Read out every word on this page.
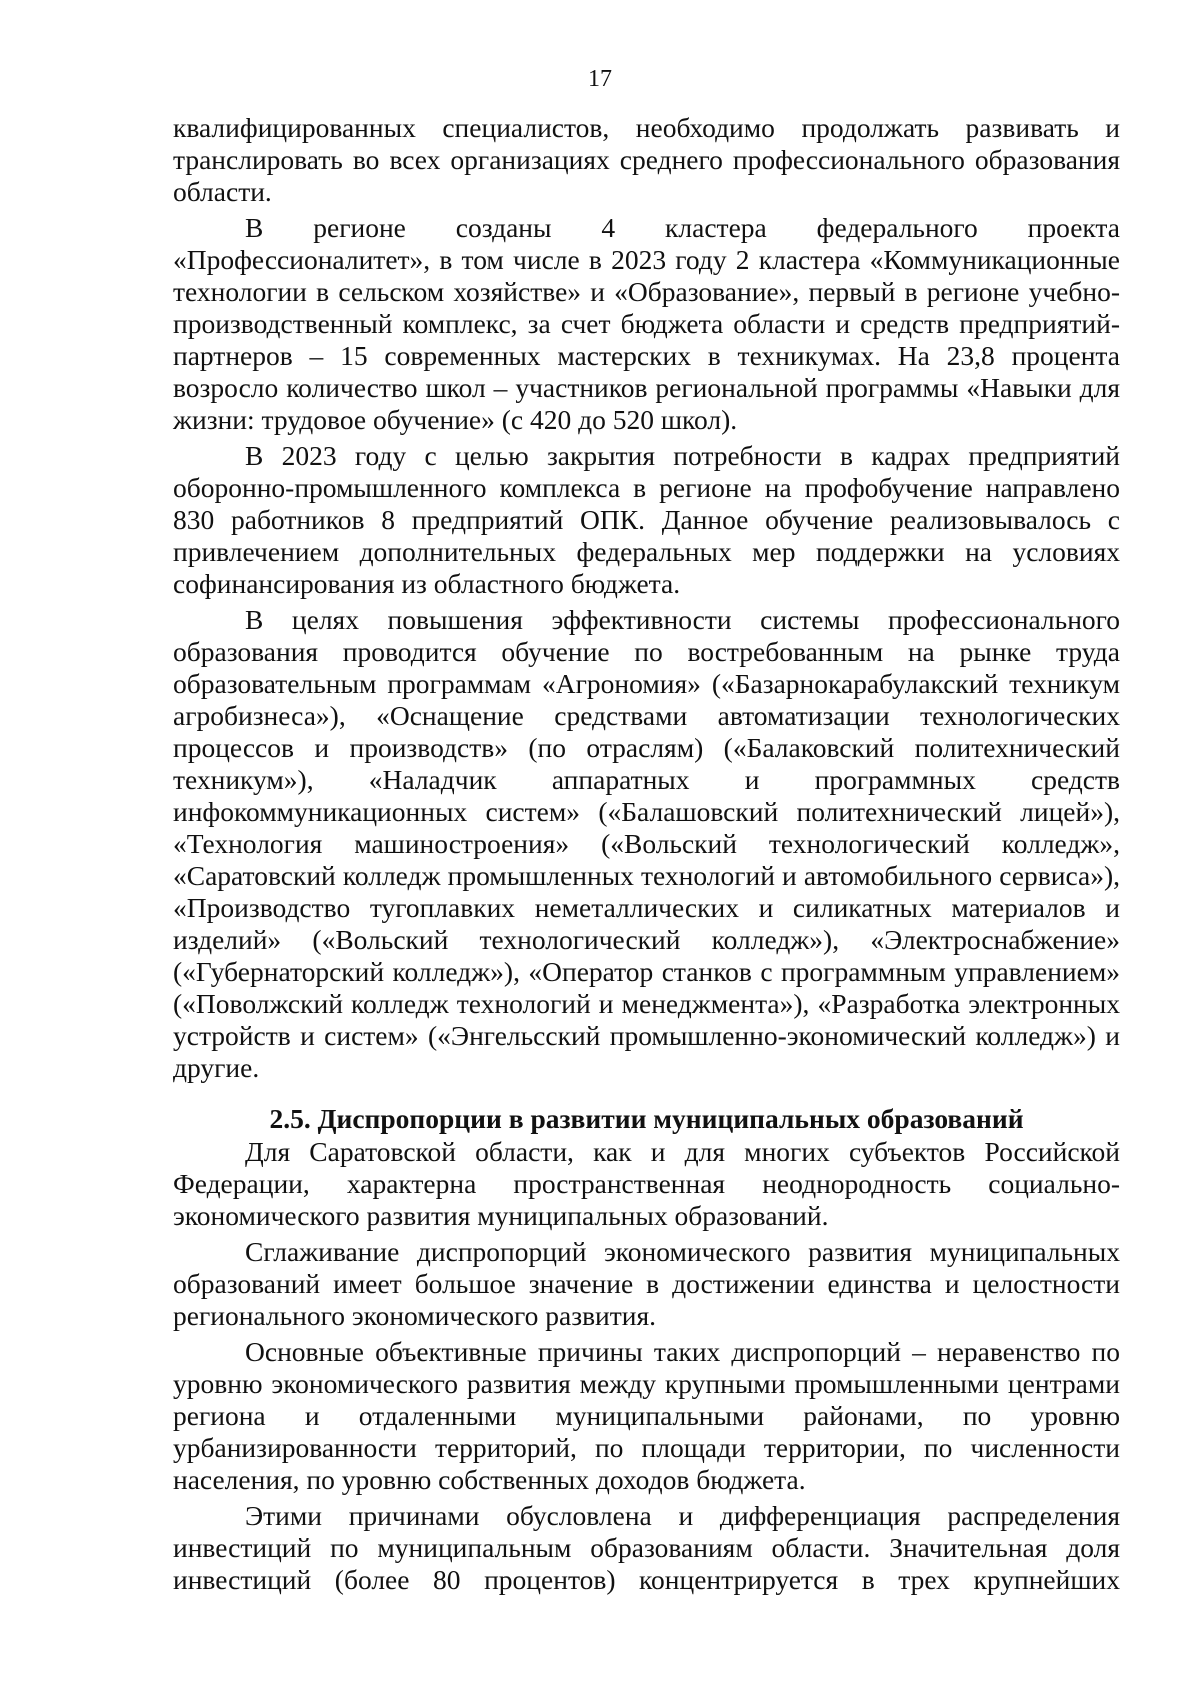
17

квалифицированных специалистов, необходимо продолжать развивать и транслировать во всех организациях среднего профессионального образования области.

В регионе созданы 4 кластера федерального проекта «Профессионалитет», в том числе в 2023 году 2 кластера «Коммуникационные технологии в сельском хозяйстве» и «Образование», первый в регионе учебно-производственный комплекс, за счет бюджета области и средств предприятий-партнеров – 15 современных мастерских в техникумах. На 23,8 процента возросло количество школ – участников региональной программы «Навыки для жизни: трудовое обучение» (с 420 до 520 школ).

В 2023 году с целью закрытия потребности в кадрах предприятий оборонно-промышленного комплекса в регионе на профобучение направлено 830 работников 8 предприятий ОПК. Данное обучение реализовывалось с привлечением дополнительных федеральных мер поддержки на условиях софинансирования из областного бюджета.

В целях повышения эффективности системы профессионального образования проводится обучение по востребованным на рынке труда образовательным программам «Агрономия» («Базарнокарабулакский техникум агробизнеса»), «Оснащение средствами автоматизации технологических процессов и производств» (по отраслям) («Балаковский политехнический техникум»), «Наладчик аппаратных и программных средств инфокоммуникационных систем» («Балашовский политехнический лицей»), «Технология машиностроения» («Вольский технологический колледж», «Саратовский колледж промышленных технологий и автомобильного сервиса»), «Производство тугоплавких неметаллических и силикатных материалов и изделий» («Вольский технологический колледж»), «Электроснабжение» («Губернаторский колледж»), «Оператор станков с программным управлением» («Поволжский колледж технологий и менеджмента»), «Разработка электронных устройств и систем» («Энгельсский промышленно-экономический колледж») и другие.

2.5. Диспропорции в развитии муниципальных образований

Для Саратовской области, как и для многих субъектов Российской Федерации, характерна пространственная неоднородность социально-экономического развития муниципальных образований.

Сглаживание диспропорций экономического развития муниципальных образований имеет большое значение в достижении единства и целостности регионального экономического развития.

Основные объективные причины таких диспропорций – неравенство по уровню экономического развития между крупными промышленными центрами региона и отдаленными муниципальными районами, по уровню урбанизированности территорий, по площади территории, по численности населения, по уровню собственных доходов бюджета.

Этими причинами обусловлена и дифференциация распределения инвестиций по муниципальным образованиям области. Значительная доля инвестиций (более 80 процентов) концентрируется в трех крупнейших
